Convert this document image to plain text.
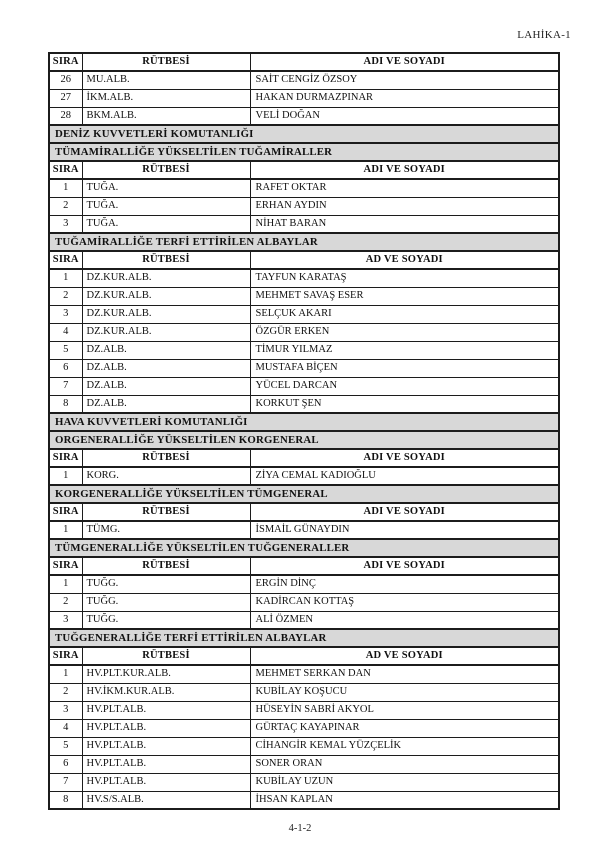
LAHİKA-1
SIRA	RÜTBESİ	ADI VE SOYADI
26	MU.ALB.	SAİT CENGİZ ÖZSOY
27	İKM.ALB.	HAKAN DURMAZPINAR
28	BKM.ALB.	VELİ DOĞAN
DENİZ KUVVETLERİ KOMUTANLIĞI		
TÜMAMİRALLİĞE YÜKSELTİLEN TUĞAMİRALLER		
SIRA	RÜTBESİ	ADI VE SOYADI
1	TUĞA.	RAFET OKTAR
2	TUĞA.	ERHAN AYDIN
3	TUĞA.	NİHAT BARAN
TUĞAMİRALLİĞE TERFİ ETTİRİLEN ALBAYLAR		
SIRA	RÜTBESİ	AD VE SOYADI
1	DZ.KUR.ALB.	TAYFUN KARATAŞ
2	DZ.KUR.ALB.	MEHMET SAVAŞ ESER
3	DZ.KUR.ALB.	SELÇUK AKARI
4	DZ.KUR.ALB.	ÖZGÜR ERKEN
5	DZ.ALB.	TİMUR YILMAZ
6	DZ.ALB.	MUSTAFA BİÇEN
7	DZ.ALB.	YÜCEL DARCAN
8	DZ.ALB.	KORKUT ŞEN
HAVA KUVVETLERİ KOMUTANLIĞI		
ORGENERALLİĞE YÜKSELTİLEN KORGENERAL		
SIRA	RÜTBESİ	ADI VE SOYADI
1	KORG.	ZİYA CEMAL KADIOĞLU
KORGENERALLİĞE YÜKSELTİLEN TÜMGENERAL		
SIRA	RÜTBESİ	ADI VE SOYADI
1	TÜMG.	İSMAİL GÜNAYDIN
TÜMGENERALLİĞE YÜKSELTİLEN TUĞGENERALLER		
SIRA	RÜTBESİ	ADI VE SOYADI
1	TUĞG.	ERGİN DİNÇ
2	TUĞG.	KADİRCAN KOTTAŞ
3	TUĞG.	ALİ ÖZMEN
TUĞGENERALLİĞE TERFİ ETTİRİLEN ALBAYLAR		
SIRA	RÜTBESİ	AD VE SOYADI
1	HV.PLT.KUR.ALB.	MEHMET SERKAN DAN
2	HV.İKM.KUR.ALB.	KUBİLAY KOŞUCU
3	HV.PLT.ALB.	HÜSEYİN SABRİ AKYOL
4	HV.PLT.ALB.	GÜRTAÇ KAYAPINAR
5	HV.PLT.ALB.	CİHANGİR KEMAL YÜZÇELİK
6	HV.PLT.ALB.	SONER ORAN
7	HV.PLT.ALB.	KUBİLAY UZUN
8	HV.S/S.ALB.	İHSAN KAPLAN
4-1-2
